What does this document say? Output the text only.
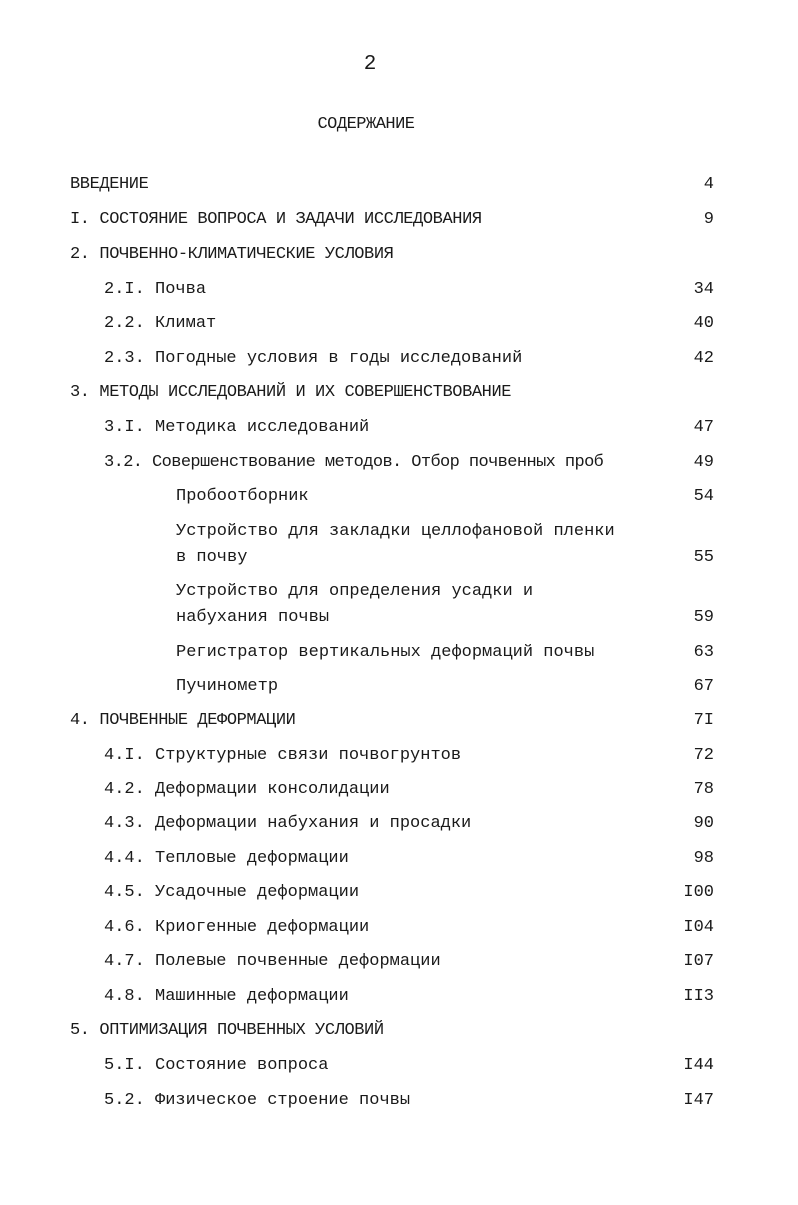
2
СОДЕРЖАНИЕ
ВВЕДЕНИЕ	4
I. СОСТОЯНИЕ ВОПРОСА И ЗАДАЧИ ИССЛЕДОВАНИЯ	9
2. ПОЧВЕННО-КЛИМАТИЧЕСКИЕ УСЛОВИЯ
2.I. Почва	34
2.2. Климат	40
2.3. Погодные условия в годы исследований	42
3. МЕТОДЫ ИССЛЕДОВАНИЙ И ИХ СОВЕРШЕНСТВОВАНИЕ
3.I. Методика исследований	47
3.2. Совершенствование методов. Отбор почвенных проб	49
Пробоотборник	54
Устройство для закладки целлофановой пленки
в почву	55
Устройство для определения усадки и
набухания почвы	59
Регистратор вертикальных деформаций почвы	63
Пучинометр	67
4. ПОЧВЕННЫЕ ДЕФОРМАЦИИ	7I
4.I. Структурные связи почвогрунтов	72
4.2. Деформации консолидации	78
4.3. Деформации набухания и просадки	90
4.4. Тепловые деформации	98
4.5. Усадочные деформации	I00
4.6. Криогенные деформации	I04
4.7. Полевые почвенные деформации	I07
4.8. Машинные деформации	II3
5. ОПТИМИЗАЦИЯ ПОЧВЕННЫХ УСЛОВИЙ
5.I. Состояние вопроса	I44
5.2. Физическое строение почвы	I47
